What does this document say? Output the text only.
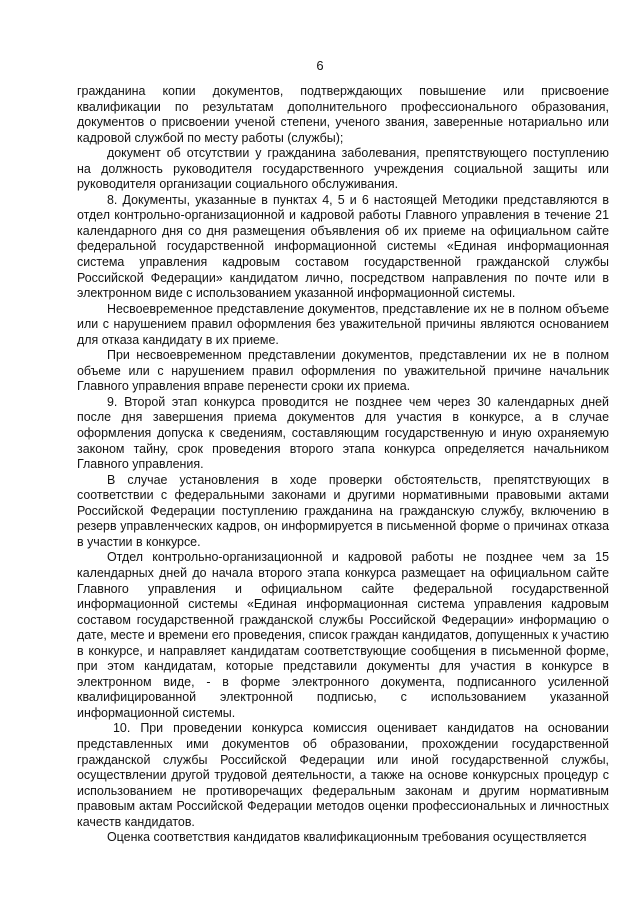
6

гражданина копии документов, подтверждающих повышение или присвоение квалификации по результатам дополнительного профессионального образования, документов о присвоении ученой степени, ученого звания, заверенные нотариально или кадровой службой по месту работы (службы);

документ об отсутствии у гражданина заболевания, препятствующего поступлению на должность руководителя государственного учреждения социальной защиты или руководителя организации социального обслуживания.

8. Документы, указанные в пунктах 4, 5 и 6 настоящей Методики представляются в отдел контрольно-организационной и кадровой работы Главного управления в течение 21 календарного дня со дня размещения объявления об их приеме на официальном сайте федеральной государственной информационной системы «Единая информационная система управления кадровым составом государственной гражданской службы Российской Федерации» кандидатом лично, посредством направления по почте или в электронном виде с использованием указанной информационной системы.

Несвоевременное представление документов, представление их не в полном объеме или с нарушением правил оформления без уважительной причины являются основанием для отказа кандидату в их приеме.

При несвоевременном представлении документов, представлении их не в полном объеме или с нарушением правил оформления по уважительной причине начальник Главного управления вправе перенести сроки их приема.

9. Второй этап конкурса проводится не позднее чем через 30 календарных дней после дня завершения приема документов для участия в конкурсе, а в случае оформления допуска к сведениям, составляющим государственную и иную охраняемую законом тайну, срок проведения второго этапа конкурса определяется начальником Главного управления.

В случае установления в ходе проверки обстоятельств, препятствующих в соответствии с федеральными законами и другими нормативными правовыми актами Российской Федерации поступлению гражданина на гражданскую службу, включению в резерв управленческих кадров, он информируется в письменной форме о причинах отказа в участии в конкурсе.

Отдел контрольно-организационной и кадровой работы не позднее чем за 15 календарных дней до начала второго этапа конкурса размещает на официальном сайте Главного управления и официальном сайте федеральной государственной информационной системы «Единая информационная система управления кадровым составом государственной гражданской службы Российской Федерации» информацию о дате, месте и времени его проведения, список граждан кандидатов, допущенных к участию в конкурсе, и направляет кандидатам соответствующие сообщения в письменной форме, при этом кандидатам, которые представили документы для участия в конкурсе в электронном виде, - в форме электронного документа, подписанного усиленной квалифицированной электронной подписью, с использованием указанной информационной системы.

10. При проведении конкурса комиссия оценивает кандидатов на основании представленных ими документов об образовании, прохождении государственной гражданской службы Российской Федерации или иной государственной службы, осуществлении другой трудовой деятельности, а также на основе конкурсных процедур с использованием не противоречащих федеральным законам и другим нормативным правовым актам Российской Федерации методов оценки профессиональных и личностных качеств кандидатов.

Оценка соответствия кандидатов квалификационным требования осуществляется
